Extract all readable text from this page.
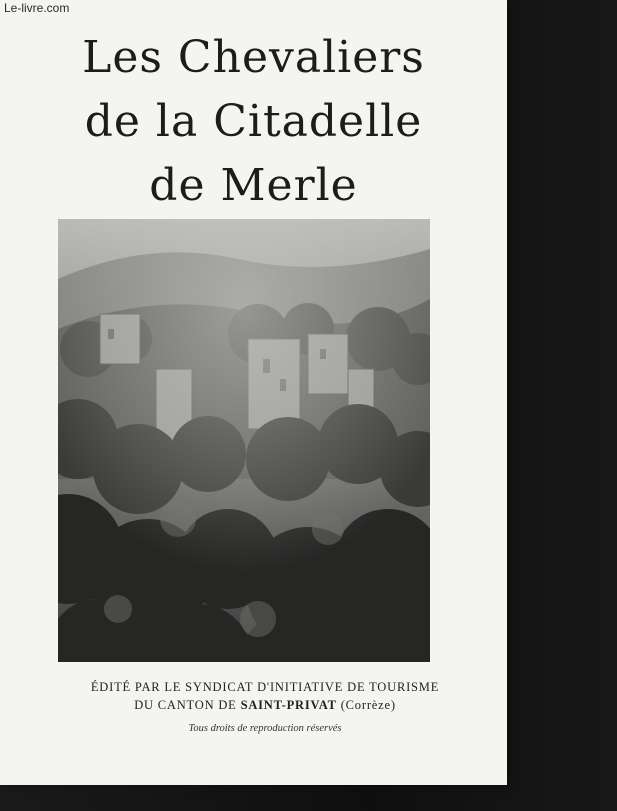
Le-livre.com
Les Chevaliers
de la Citadelle
de Merle
ÉDITÉ PAR LE SYNDICAT D'INITIATIVE DE TOURISME
DU CANTON DE SAINT-PRIVAT (Corrèze)
Tous droits de reproduction réservés
